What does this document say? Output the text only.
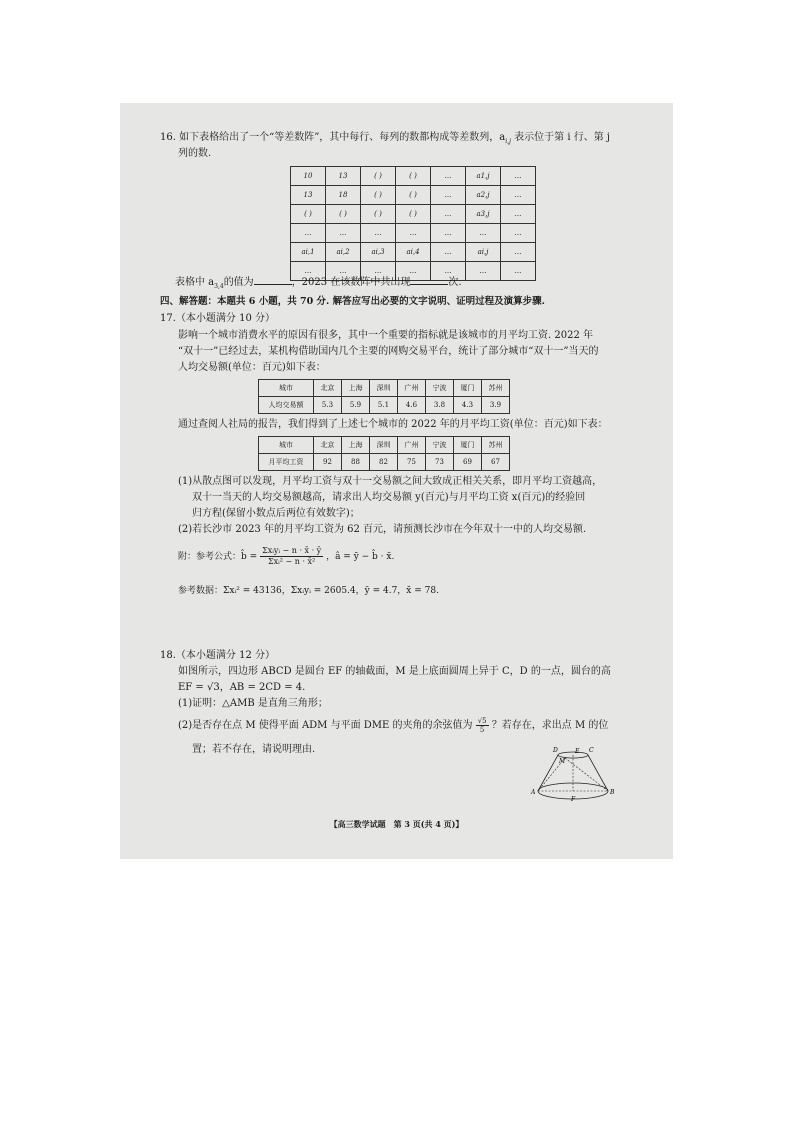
16. 如下表格给出了一个“等差数阵”，其中每行、每列的数都构成等差数列，$a_{i,j}$ 表示位于第 i 行、第 j
列的数.
10	13	( )	( )	…	a1,j	…
13	18	( )	( )	…	a2,j	…
( )	( )	( )	( )	…	a3,j	…
…	…	…	…	…	…	…
ai,1	ai,2	ai,3	ai,4	…	ai,j	…
…	…	…	…	…	…	…
表格中 $a_{3,4}$的值为	，2023 在该数阵中共出现	次.
四、解答题：本题共 6 小题，共 70 分. 解答应写出必要的文字说明、证明过程及演算步骤.
17.（本小题满分 10 分）
影响一个城市消费水平的原因有很多，其中一个重要的指标就是该城市的月平均工资. 2022 年
“双十一”已经过去，某机构借助国内几个主要的网购交易平台，统计了部分城市“双十一”当天的
人均交易额(单位：百元)如下表：
城市	北京	上海	深圳	广州	宁波	厦门	苏州
人均交易额	5.3	5.9	5.1	4.6	3.8	4.3	3.9
通过查阅人社局的报告，我们得到了上述七个城市的 2022 年的月平均工资(单位：百元)如下表：
城市	北京	上海	深圳	广州	宁波	厦门	苏州
月平均工资	92	88	82	75	73	69	67
(1)从散点图可以发现，月平均工资与双十一交易额之间大致成正相关关系，即月平均工资越高，
双十一当天的人均交易额越高，请求出人均交易额 y(百元)与月平均工资 x(百元)的经验回
归方程(保留小数点后两位有效数字)；
(2)若长沙市 2023 年的月平均工资为 62 百元，请预测长沙市在今年双十一中的人均交易额.
附：参考公式：b̂ = $\frac{\text{Σxᵢyᵢ − n · x̄ · ȳ}}{\text{Σxᵢ² − n · x̄²}}$ ，â = ȳ − b̂ · x̄.
参考数据：Σxᵢ² = 43136，Σxᵢyᵢ = 2605.4，ȳ = 4.7，x̄ = 78.
18.（本小题满分 12 分）
如图所示，四边形 ABCD 是圆台 EF 的轴截面，M 是上底面圆周上异于 C，D 的一点，圆台的高
EF = √3，AB = 2CD = 4.
(1)证明：△AMB 是直角三角形；
(2)是否存在点 M 使得平面 ADM 与平面 DME 的夹角的余弦值为 $\frac{√5}{5}$ ？若存在，求出点 M 的位
置；若不存在，请说明理由.	D	C
M
E
A
F
B
【高三数学试题　第 3 页(共 4 页)】
